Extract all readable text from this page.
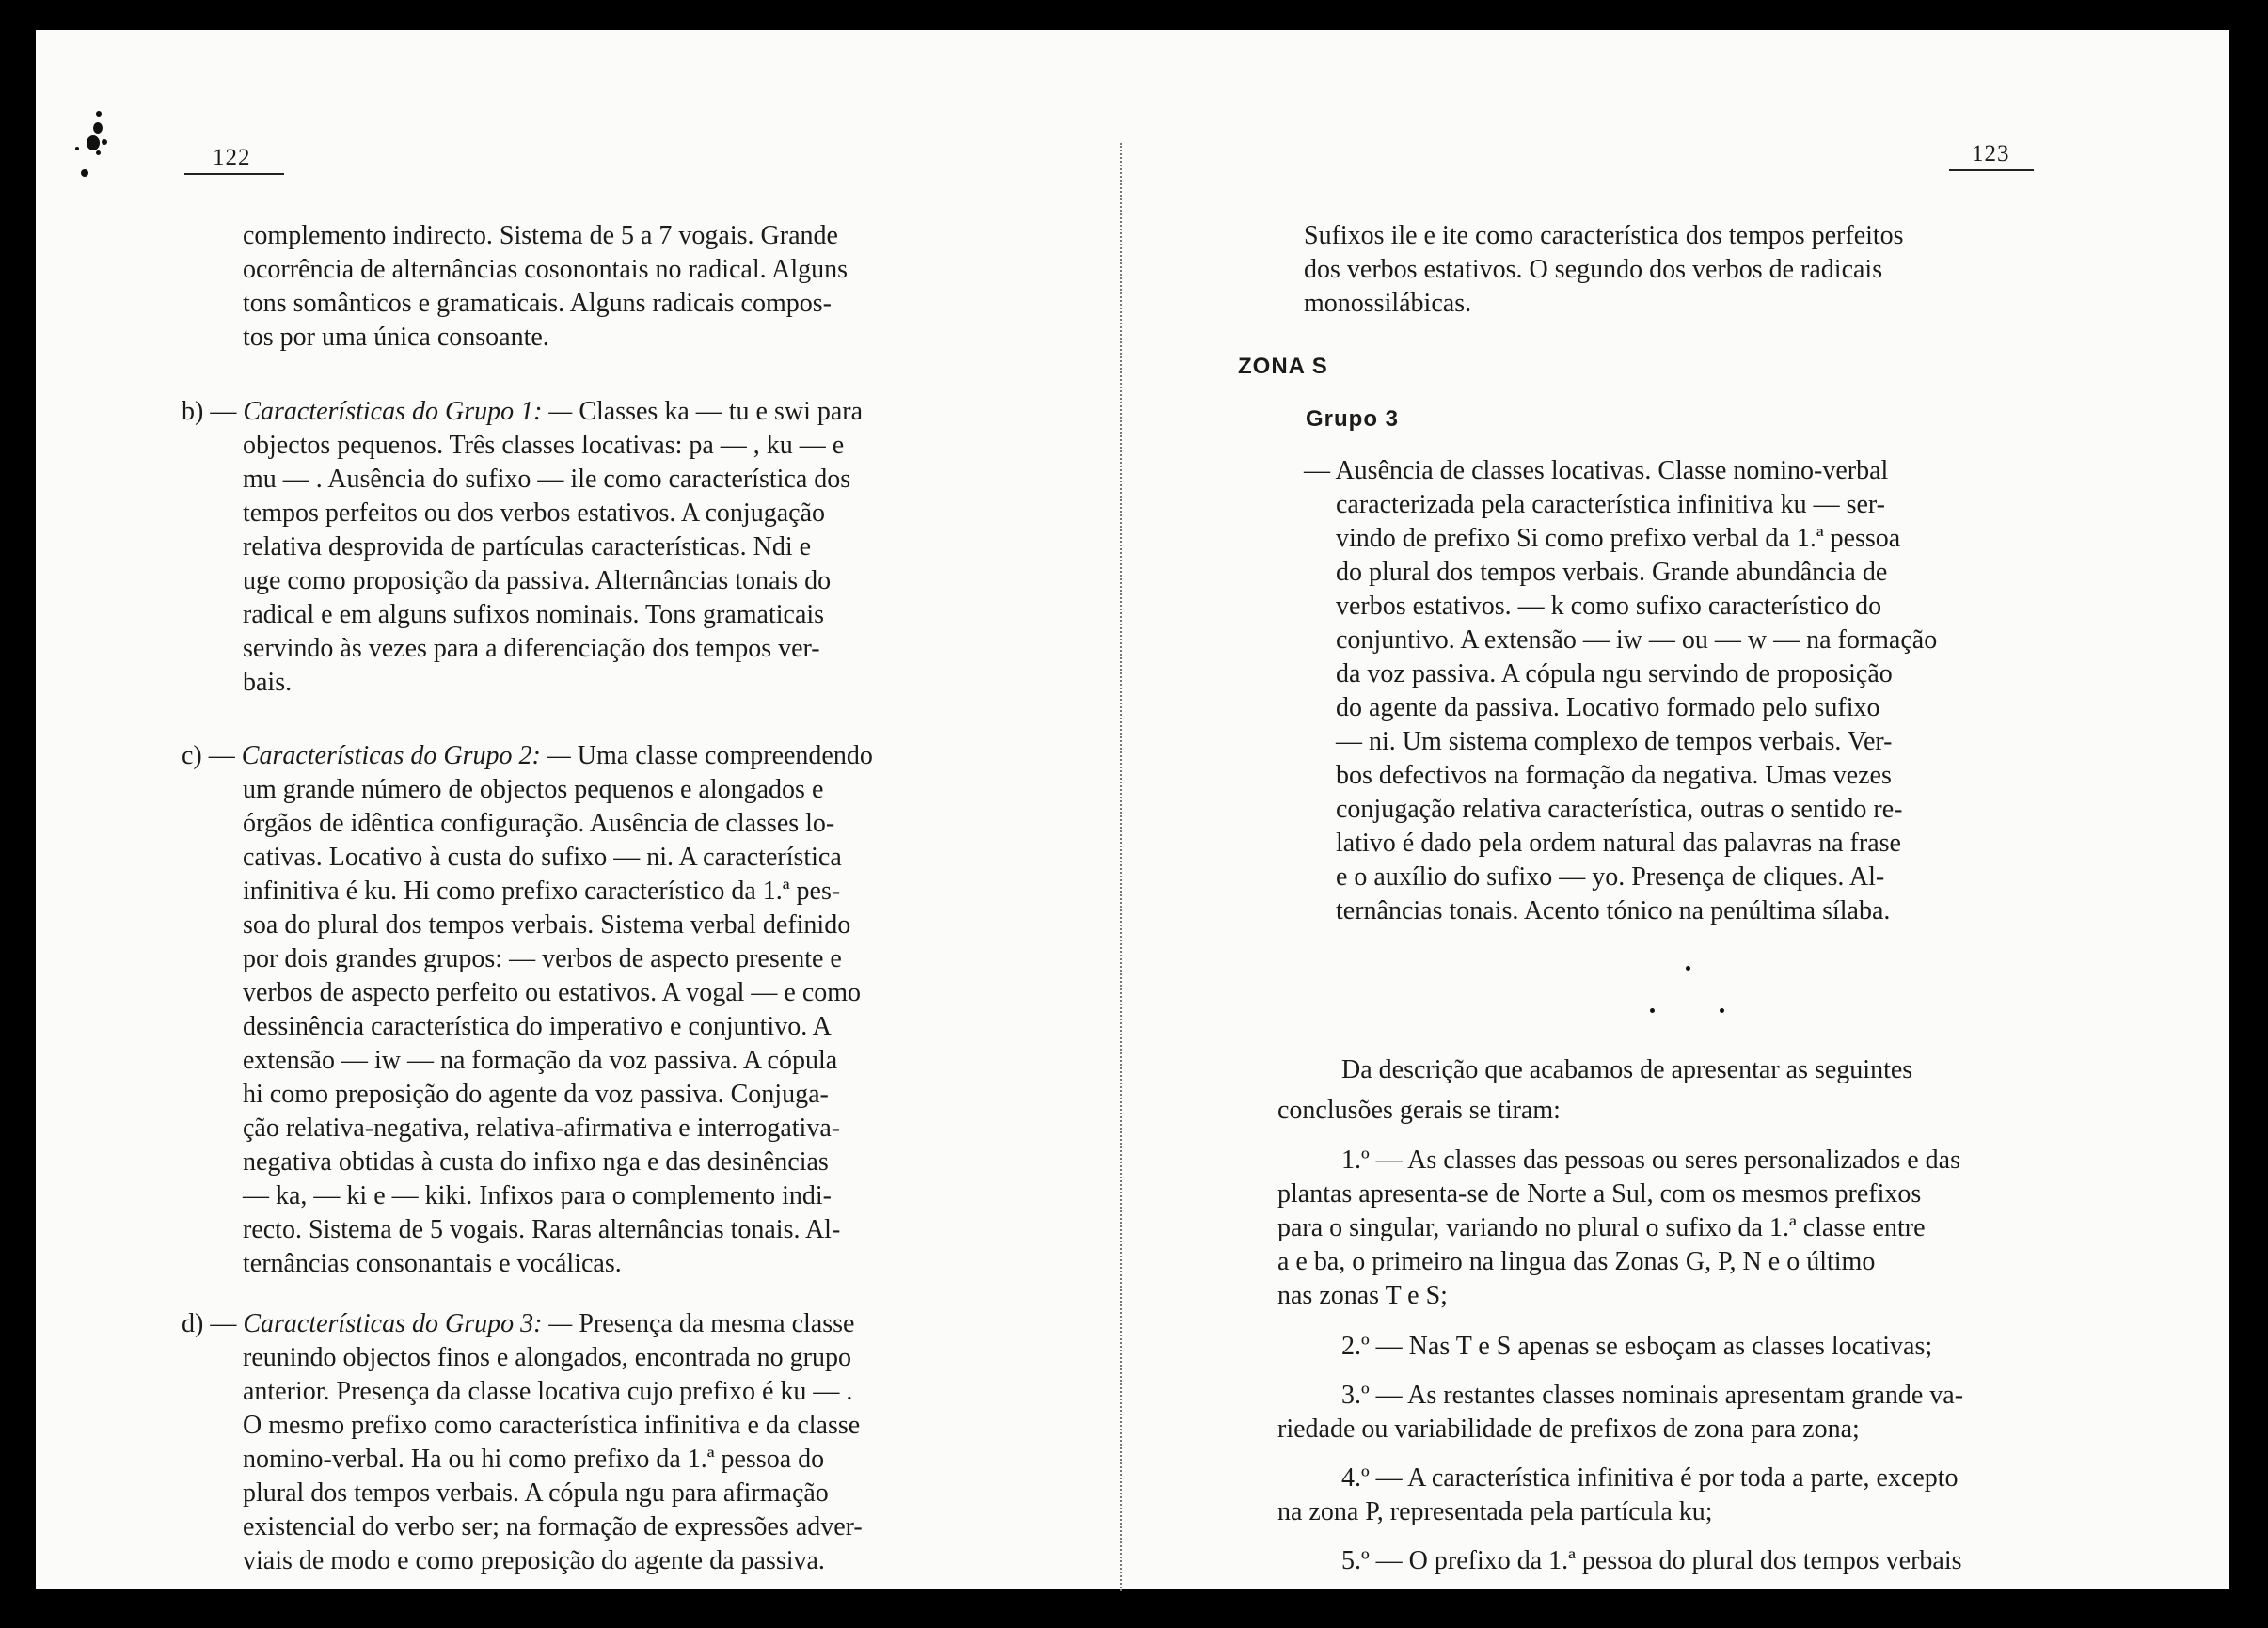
122
complemento indirecto. Sistema de 5 a 7 vogais. Grande
ocorrência de alternâncias cosonontais no radical. Alguns
tons somânticos e gramaticais. Alguns radicais compos-
tos por uma única consoante.
b) — Características do Grupo 1: — Classes ka — tu e swi para
objectos pequenos. Três classes locativas: pa — , ku — e
mu — . Ausência do sufixo — ile como característica dos
tempos perfeitos ou dos verbos estativos. A conjugação
relativa desprovida de partículas características. Ndi e
uge como proposição da passiva. Alternâncias tonais do
radical e em alguns sufixos nominais. Tons gramaticais
servindo às vezes para a diferenciação dos tempos ver-
bais.
c) — Características do Grupo 2: — Uma classe compreendendo
um grande número de objectos pequenos e alongados e
órgãos de idêntica configuração. Ausência de classes lo-
cativas. Locativo à custa do sufixo — ni. A característica
infinitiva é ku. Hi como prefixo característico da 1.ª pes-
soa do plural dos tempos verbais. Sistema verbal definido
por dois grandes grupos: — verbos de aspecto presente e
verbos de aspecto perfeito ou estativos. A vogal — e como
dessinência característica do imperativo e conjuntivo. A
extensão — iw — na formação da voz passiva. A cópula
hi como preposição do agente da voz passiva. Conjuga-
ção relativa-negativa, relativa-afirmativa e interrogativa-
negativa obtidas à custa do infixo nga e das desinências
— ka, — ki e — kiki. Infixos para o complemento indi-
recto. Sistema de 5 vogais. Raras alternâncias tonais. Al-
ternâncias consonantais e vocálicas.
d) — Características do Grupo 3: — Presença da mesma classe
reunindo objectos finos e alongados, encontrada no grupo
anterior. Presença da classe locativa cujo prefixo é ku — .
O mesmo prefixo como característica infinitiva e da classe
nomino-verbal. Ha ou hi como prefixo da 1.ª pessoa do
plural dos tempos verbais. A cópula ngu para afirmação
existencial do verbo ser; na formação de expressões adver-
viais de modo e como preposição do agente da passiva.
123
Sufixos ile e ite como característica dos tempos perfeitos
dos verbos estativos. O segundo dos verbos de radicais
monossilábicas.
ZONA S
Grupo 3
— Ausência de classes locativas. Classe nomino-verbal
caracterizada pela característica infinitiva ku — ser-
vindo de prefixo Si como prefixo verbal da 1.ª pessoa
do plural dos tempos verbais. Grande abundância de
verbos estativos. — k como sufixo característico do
conjuntivo. A extensão — iw — ou — w — na formação
da voz passiva. A cópula ngu servindo de proposição
do agente da passiva. Locativo formado pelo sufixo
— ni. Um sistema complexo de tempos verbais. Ver-
bos defectivos na formação da negativa. Umas vezes
conjugação relativa característica, outras o sentido re-
lativo é dado pela ordem natural das palavras na frase
e o auxílio do sufixo — yo. Presença de cliques. Al-
ternâncias tonais. Acento tónico na penúltima sílaba.
Da descrição que acabamos de apresentar as seguintes
conclusões gerais se tiram:
1.º — As classes das pessoas ou seres personalizados e das
plantas apresenta-se de Norte a Sul, com os mesmos prefixos
para o singular, variando no plural o sufixo da 1.ª classe entre
a e ba, o primeiro na lingua das Zonas G, P, N e o último
nas zonas T e S;
2.º — Nas T e S apenas se esboçam as classes locativas;
3.º — As restantes classes nominais apresentam grande va-
riedade ou variabilidade de prefixos de zona para zona;
4.º — A característica infinitiva é por toda a parte, excepto
na zona P, representada pela partícula ku;
5.º — O prefixo da 1.ª pessoa do plural dos tempos verbais
